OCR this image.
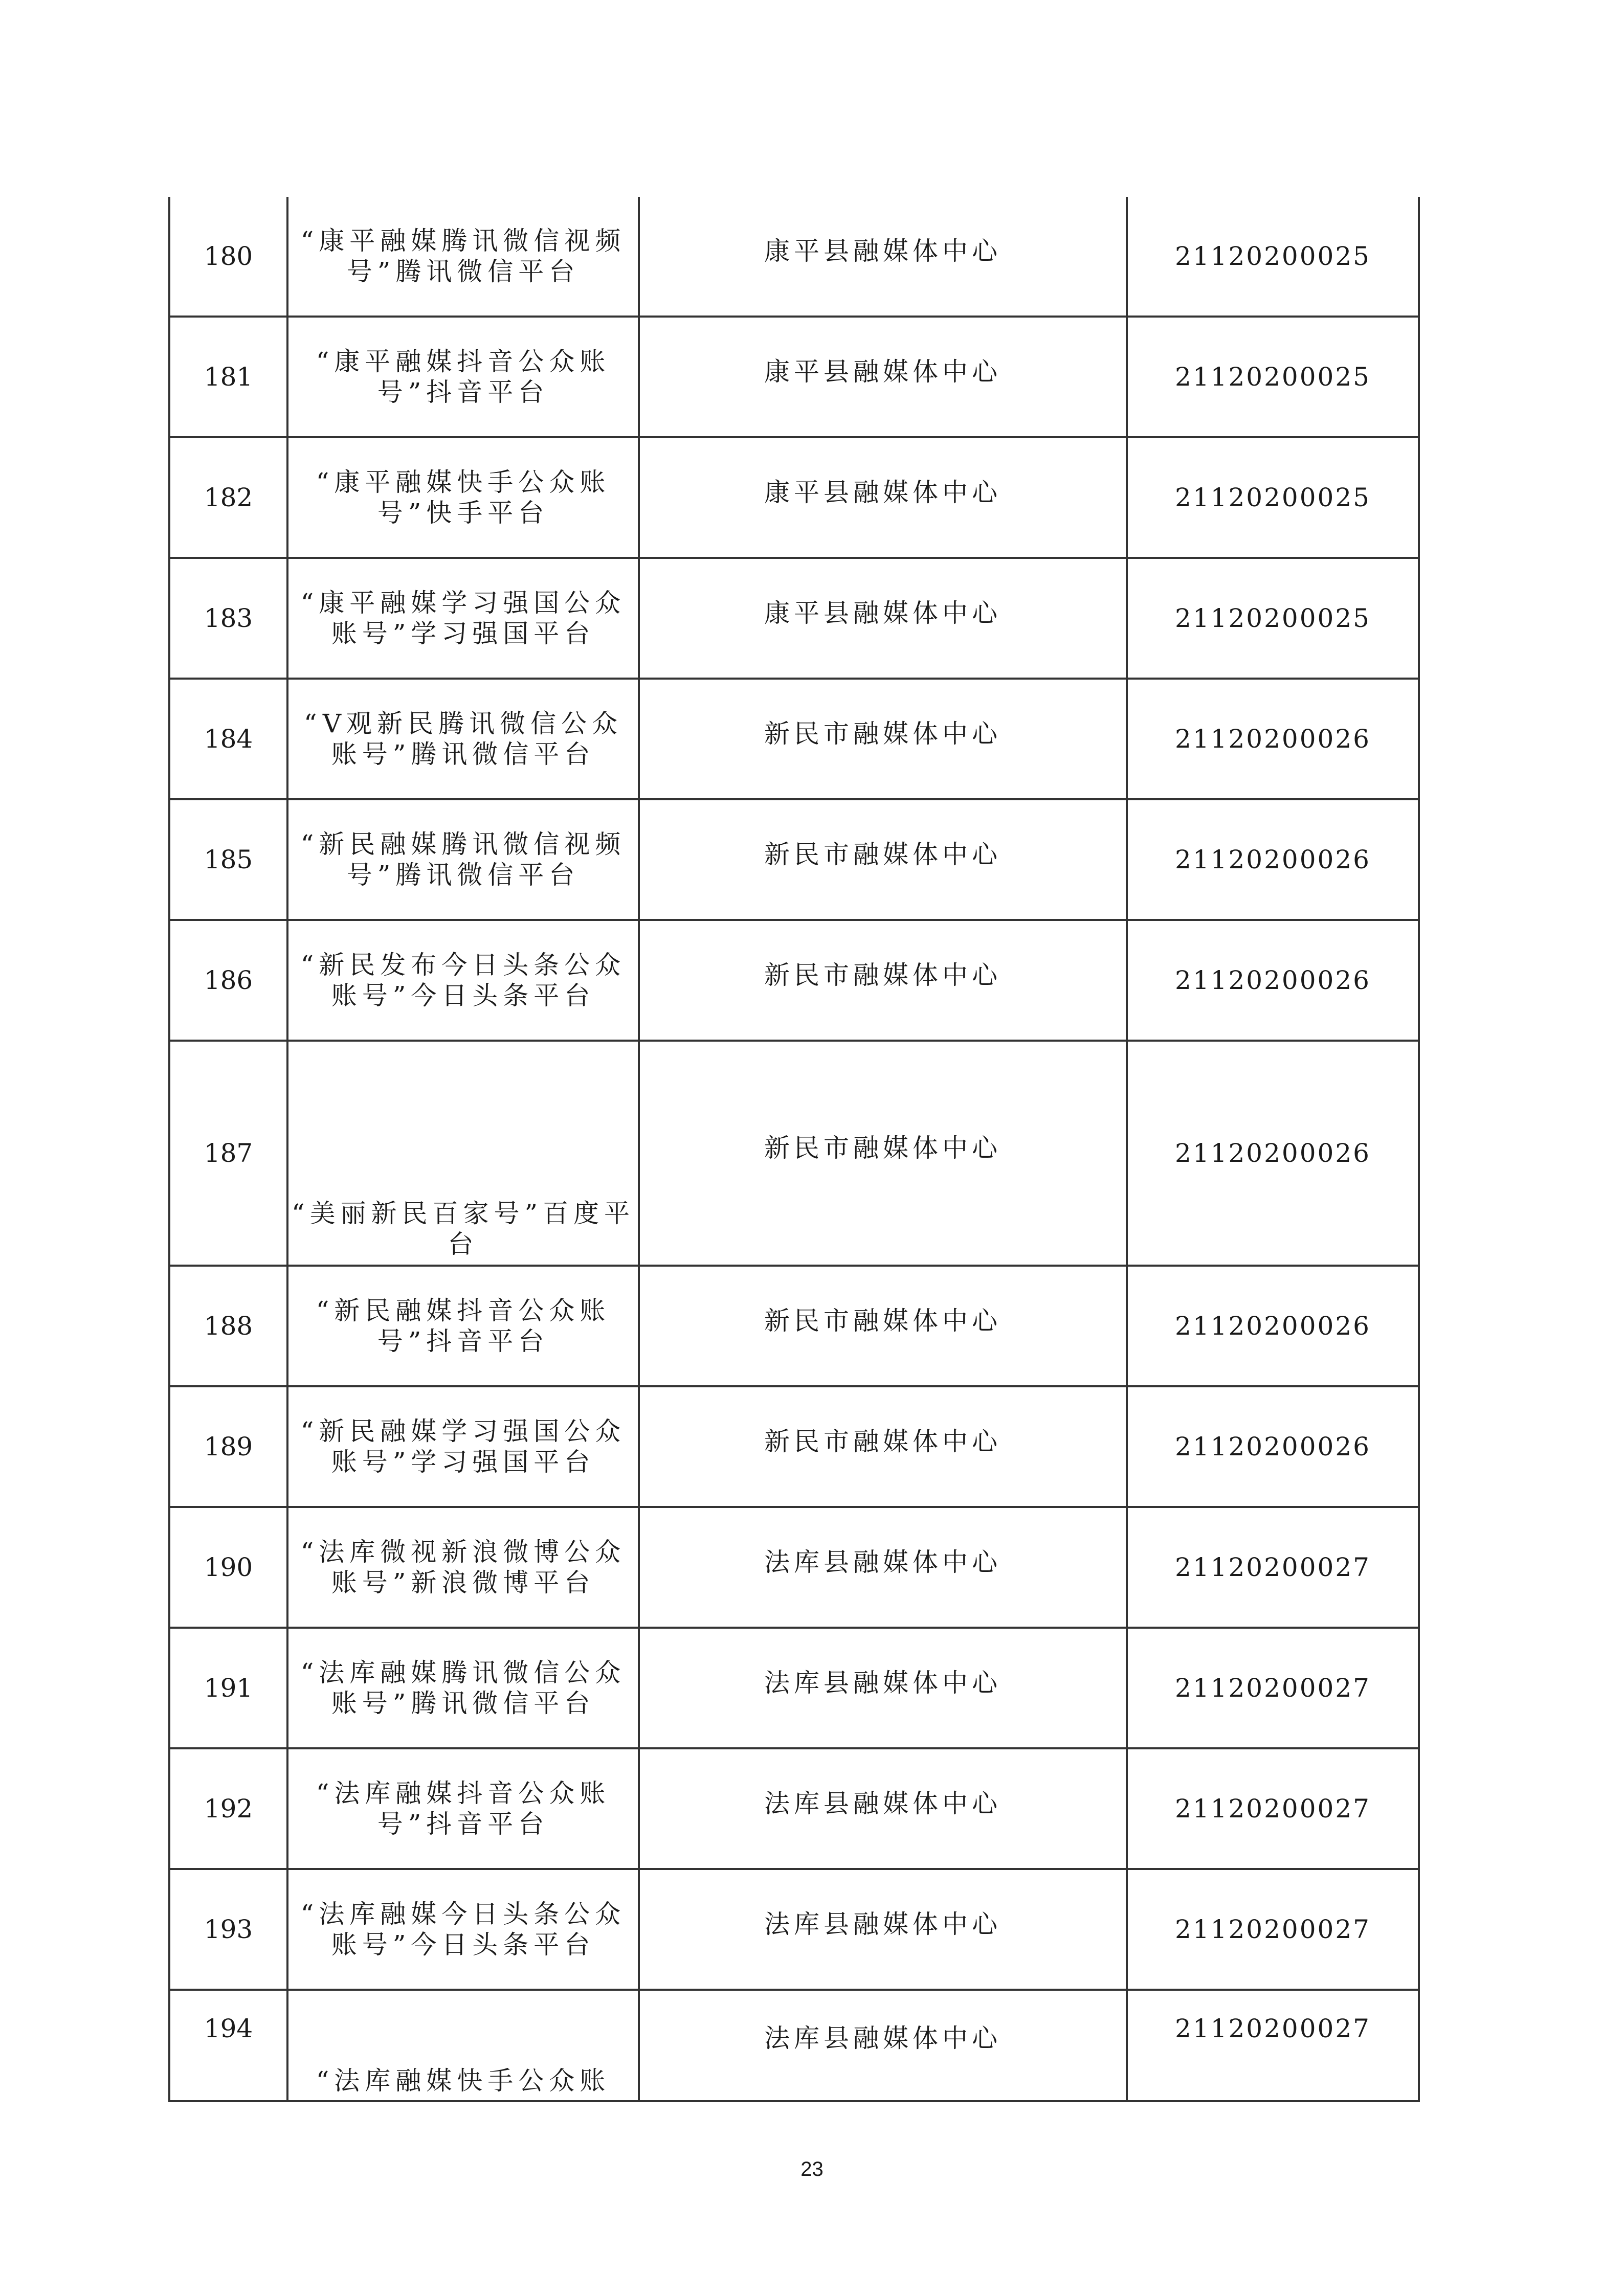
180	“康平融媒腾讯微信视频号”腾讯微信平台	康平县融媒体中心	21120200025
181	“康平融媒抖音公众账号”抖音平台	康平县融媒体中心	21120200025
182	“康平融媒快手公众账号”快手平台	康平县融媒体中心	21120200025
183	“康平融媒学习强国公众账号”学习强国平台	康平县融媒体中心	21120200025
184	“V观新民腾讯微信公众账号”腾讯微信平台	新民市融媒体中心	21120200026
185	“新民融媒腾讯微信视频号”腾讯微信平台	新民市融媒体中心	21120200026
186	“新民发布今日头条公众账号”今日头条平台	新民市融媒体中心	21120200026
187	“美丽新民百家号”百度平台	新民市融媒体中心	21120200026
188	“新民融媒抖音公众账号”抖音平台	新民市融媒体中心	21120200026
189	“新民融媒学习强国公众账号”学习强国平台	新民市融媒体中心	21120200026
190	“法库微视新浪微博公众账号”新浪微博平台	法库县融媒体中心	21120200027
191	“法库融媒腾讯微信公众账号”腾讯微信平台	法库县融媒体中心	21120200027
192	“法库融媒抖音公众账号”抖音平台	法库县融媒体中心	21120200027
193	“法库融媒今日头条公众账号”今日头条平台	法库县融媒体中心	21120200027
194	“法库融媒快手公众账	法库县融媒体中心	21120200027
23
